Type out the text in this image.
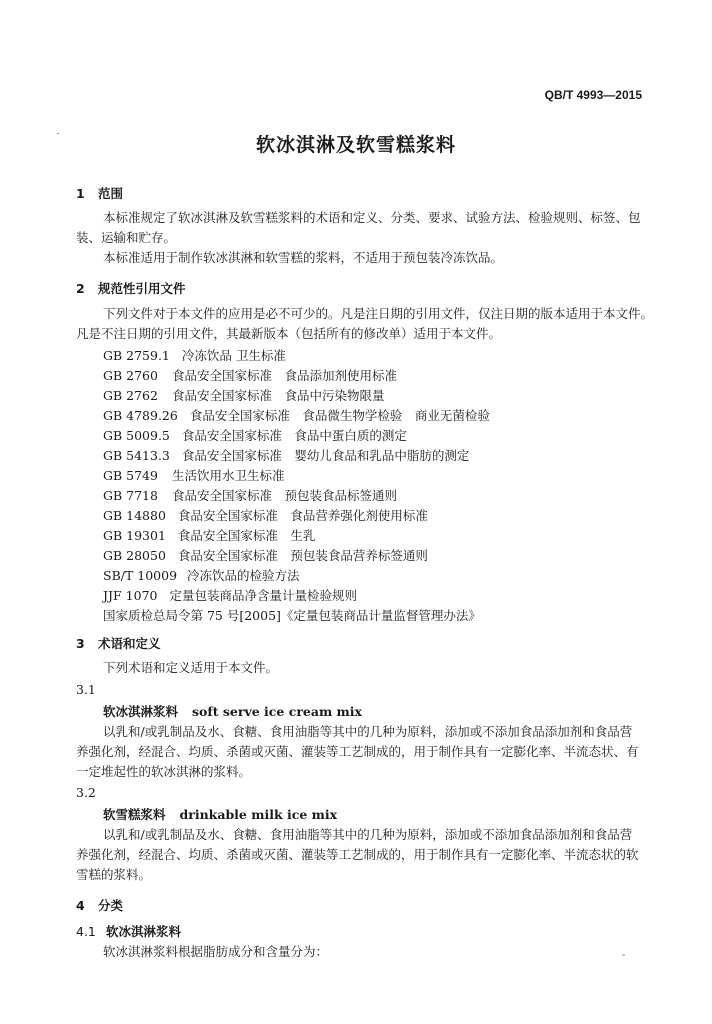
QB/T 4993—2015
软冰淇淋及软雪糕浆料
1 范围
本标准规定了软冰淇淋及软雪糕浆料的术语和定义、分类、要求、试验方法、检验规则、标签、包
装、运输和贮存。
本标准适用于制作软冰淇淋和软雪糕的浆料，不适用于预包装冷冻饮品。
2 规范性引用文件
下列文件对于本文件的应用是必不可少的。凡是注日期的引用文件，仅注日期的版本适用于本文件。
凡是不注日期的引用文件，其最新版本（包括所有的修改单）适用于本文件。
GB 2759.1 冷冻饮品 卫生标准
GB 2760 食品安全国家标准　食品添加剂使用标准
GB 2762 食品安全国家标准　食品中污染物限量
GB 4789.26 食品安全国家标准　食品微生物学检验　商业无菌检验
GB 5009.5 食品安全国家标准　食品中蛋白质的测定
GB 5413.3 食品安全国家标准　婴幼儿食品和乳品中脂肪的测定
GB 5749 生活饮用水卫生标准
GB 7718 食品安全国家标准　预包装食品标签通则
GB 14880 食品安全国家标准　食品营养强化剂使用标准
GB 19301 食品安全国家标准　生乳
GB 28050 食品安全国家标准　预包装食品营养标签通则
SB/T 10009 冷冻饮品的检验方法
JJF 1070 定量包装商品净含量计量检验规则
国家质检总局令第 75 号[2005]《定量包装商品计量监督管理办法》
3 术语和定义
下列术语和定义适用于本文件。
3.1
软冰淇淋浆料 soft serve ice cream mix
以乳和/或乳制品及水、食糖、食用油脂等其中的几种为原料，添加或不添加食品添加剂和食品营
养强化剂，经混合、均质、杀菌或灭菌、灌装等工艺制成的，用于制作具有一定膨化率、半流态状、有
一定堆起性的软冰淇淋的浆料。
3.2
软雪糕浆料 drinkable milk ice mix
以乳和/或乳制品及水、食糖、食用油脂等其中的几种为原料，添加或不添加食品添加剂和食品营
养强化剂，经混合、均质、杀菌或灭菌、灌装等工艺制成的，用于制作具有一定膨化率、半流态状的软
雪糕的浆料。
4 分类
4.1 软冰淇淋浆料
软冰淇淋浆料根据脂肪成分和含量分为：	-
